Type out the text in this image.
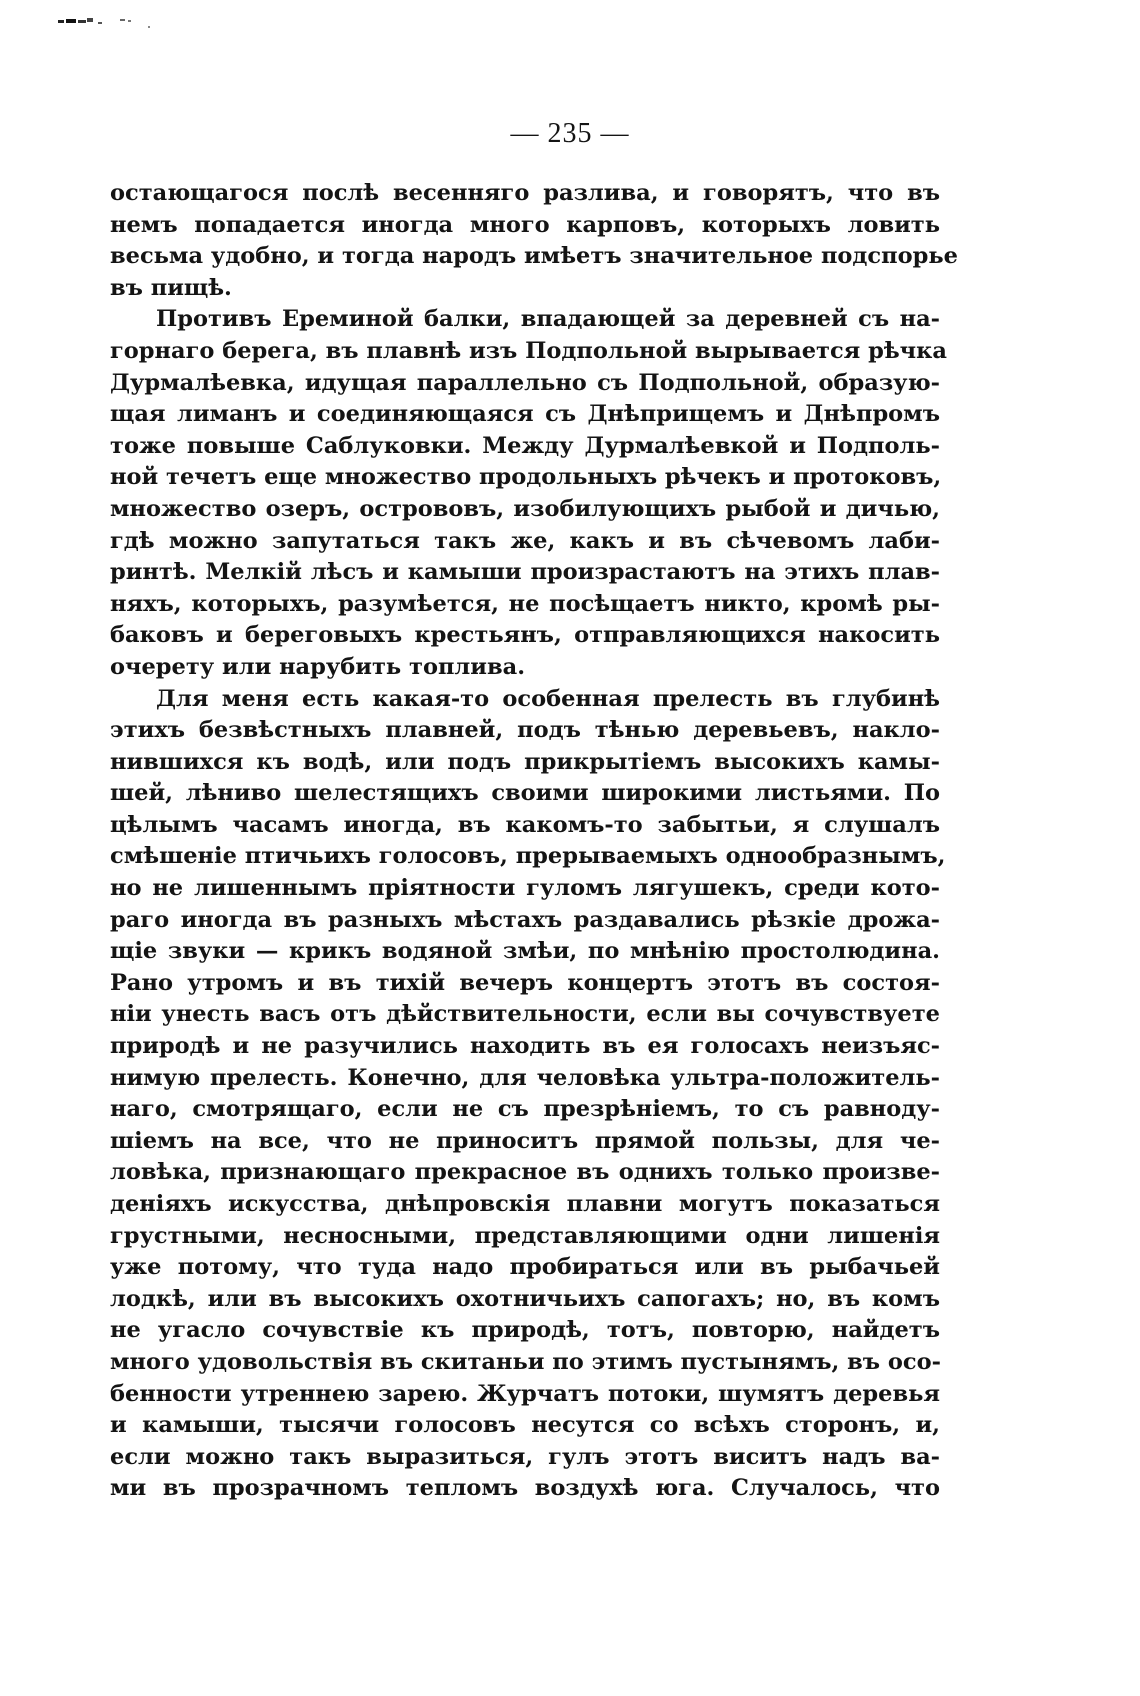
— 235 —
остающагося послѣ весенняго разлива, и говорятъ, что въ
немъ попадается иногда много карповъ, которыхъ ловить
весьма удобно, и тогда народъ имѣетъ значительное подспорье
въ пищѣ.
Противъ Ереминой балки, впадающей за деревней съ на-
горнаго берега, въ плавнѣ изъ Подпольной вырывается рѣчка
Дурмалѣевка, идущая параллельно съ Подпольной, образую-
щая лиманъ и соединяющаяся съ Днѣприщемъ и Днѣпромъ
тоже повыше Саблуковки. Между Дурмалѣевкой и Подполь-
ной течетъ еще множество продольныхъ рѣчекъ и протоковъ,
множество озеръ, острововъ, изобилующихъ рыбой и дичью,
гдѣ можно запутаться такъ же, какъ и въ сѣчевомъ лаби-
ринтѣ. Мелкій лѣсъ и камыши произрастаютъ на этихъ плав-
няхъ, которыхъ, разумѣется, не посѣщаетъ никто, кромѣ ры-
баковъ и береговыхъ крестьянъ, отправляющихся накосить
очерету или нарубить топлива.
Для меня есть какая-то особенная прелесть въ глубинѣ
этихъ безвѣстныхъ плавней, подъ тѣнью деревьевъ, накло-
нившихся къ водѣ, или подъ прикрытіемъ высокихъ камы-
шей, лѣниво шелестящихъ своими широкими листьями. По
цѣлымъ часамъ иногда, въ какомъ-то забытьи, я слушалъ
смѣшеніе птичьихъ голосовъ, прерываемыхъ однообразнымъ,
но не лишеннымъ пріятности гуломъ лягушекъ, среди кото-
раго иногда въ разныхъ мѣстахъ раздавались рѣзкіе дрожа-
щіе звуки — крикъ водяной змѣи, по мнѣнію простолюдина.
Рано утромъ и въ тихій вечеръ концертъ этотъ въ состоя-
ніи унесть васъ отъ дѣйствительности, если вы сочувствуете
природѣ и не разучились находить въ ея голосахъ неизъяс-
нимую прелесть. Конечно, для человѣка ультра-положитель-
наго, смотрящаго, если не съ презрѣніемъ, то съ равноду-
шіемъ на все, что не приноситъ прямой пользы, для че-
ловѣка, признающаго прекрасное въ однихъ только произве-
деніяхъ искусства, днѣпровскія плавни могутъ показаться
грустными, несносными, представляющими одни лишенія
уже потому, что туда надо пробираться или въ рыбачьей
лодкѣ, или въ высокихъ охотничьихъ сапогахъ; но, въ комъ
не угасло сочувствіе къ природѣ, тотъ, повторю, найдетъ
много удовольствія въ скитаньи по этимъ пустынямъ, въ осо-
бенности утреннею зарею. Журчатъ потоки, шумятъ деревья
и камыши, тысячи голосовъ несутся со всѣхъ сторонъ, и,
если можно такъ выразиться, гулъ этотъ виситъ надъ ва-
ми въ прозрачномъ тепломъ воздухѣ юга. Случалось, что
